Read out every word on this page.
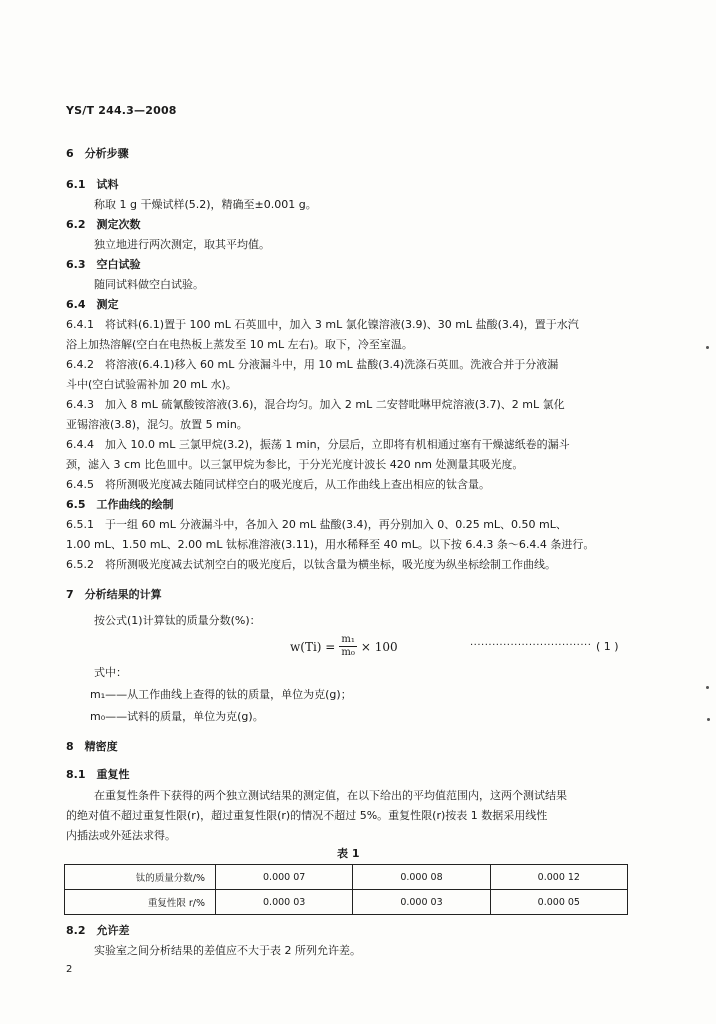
YS/T 244.3—2008
6　分析步骤
6.1　试料
称取 1 g 干燥试样(5.2)，精确至±0.001 g。
6.2　测定次数
独立地进行两次测定，取其平均值。
6.3　空白试验
随同试料做空白试验。
6.4　测定
6.4.1　将试料(6.1)置于 100 mL 石英皿中，加入 3 mL 氯化镍溶液(3.9)、30 mL 盐酸(3.4)，置于水汽
浴上加热溶解(空白在电热板上蒸发至 10 mL 左右)。取下，冷至室温。
6.4.2　将溶液(6.4.1)移入 60 mL 分液漏斗中，用 10 mL 盐酸(3.4)洗涤石英皿。洗液合并于分液漏
斗中(空白试验需补加 20 mL 水)。
6.4.3　加入 8 mL 硫氰酸铵溶液(3.6)，混合均匀。加入 2 mL 二安替吡啉甲烷溶液(3.7)、2 mL 氯化
亚锡溶液(3.8)，混匀。放置 5 min。
6.4.4　加入 10.0 mL 三氯甲烷(3.2)，振荡 1 min，分层后，立即将有机相通过塞有干燥滤纸卷的漏斗
颈，滤入 3 cm 比色皿中。以三氯甲烷为参比，于分光光度计波长 420 nm 处测量其吸光度。
6.4.5　将所测吸光度减去随同试样空白的吸光度后，从工作曲线上查出相应的钛含量。
6.5　工作曲线的绘制
6.5.1　于一组 60 mL 分液漏斗中，各加入 20 mL 盐酸(3.4)，再分别加入 0、0.25 mL、0.50 mL、
1.00 mL、1.50 mL、2.00 mL 钛标准溶液(3.11)，用水稀释至 40 mL。以下按 6.4.3 条～6.4.4 条进行。
6.5.2　将所测吸光度减去试剂空白的吸光度后，以钛含量为横坐标，吸光度为纵坐标绘制工作曲线。
7　分析结果的计算
按公式(1)计算钛的质量分数(%)：
$w(Ti) = \frac{\text{m₁}}{\text{m₀}} \times 100$	································· ( 1 )
式中：
m₁——从工作曲线上查得的钛的质量，单位为克(g)；
m₀——试料的质量，单位为克(g)。
8　精密度
8.1　重复性
在重复性条件下获得的两个独立测试结果的测定值，在以下给出的平均值范围内，这两个测试结果
的绝对值不超过重复性限(r)，超过重复性限(r)的情况不超过 5%。重复性限(r)按表 1 数据采用线性
内插法或外延法求得。
表 1
钛的质量分数/%	0.000 07	0.000 08	0.000 12
重复性限 r/%	0.000 03	0.000 03	0.000 05
8.2　允许差
实验室之间分析结果的差值应不大于表 2 所列允许差。
2
